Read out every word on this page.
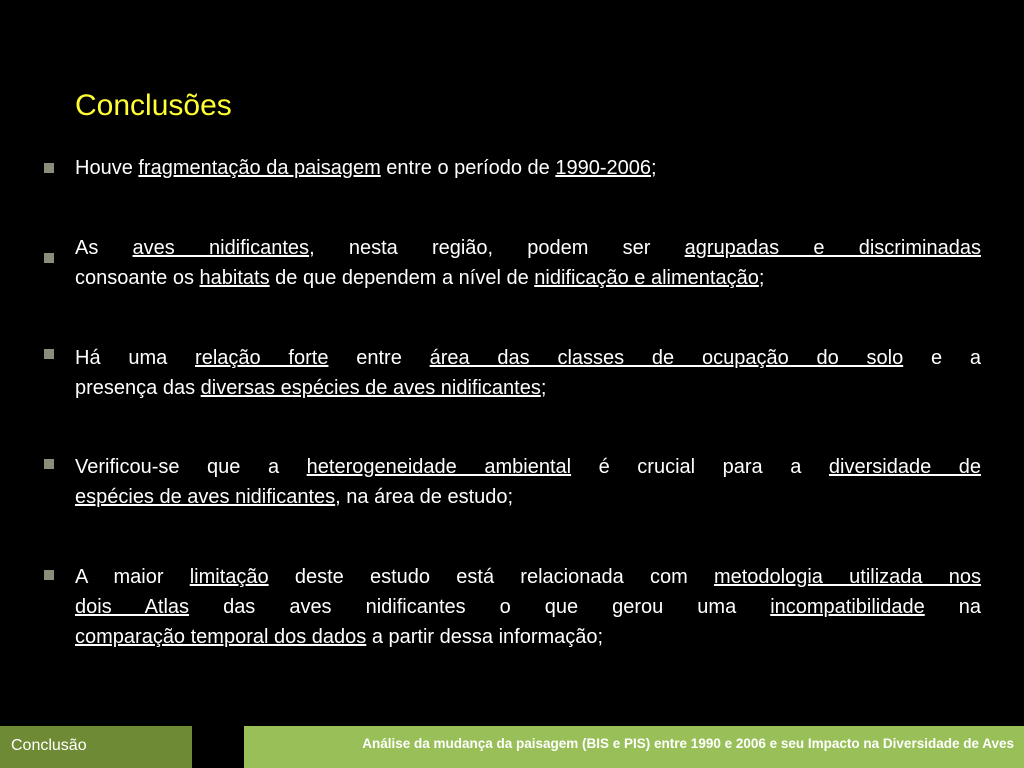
Conclusões
Houve fragmentação da paisagem entre o período de 1990-2006;
As aves nidificantes, nesta região, podem ser agrupadas e discriminadas
consoante os habitats de que dependem a nível de nidificação e alimentação;
Há uma relação forte entre área das classes de ocupação do solo e a
presença das diversas espécies de aves nidificantes;
Verificou-se que a heterogeneidade ambiental é crucial para a diversidade de
espécies de aves nidificantes, na área de estudo;
A maior limitação deste estudo está relacionada com metodologia utilizada nos
dois Atlas das aves nidificantes o que gerou uma incompatibilidade na
comparação temporal dos dados a partir dessa informação;
Conclusão	Análise da mudança da paisagem (BIS e PIS) entre 1990 e 2006 e seu Impacto na Diversidade de Aves
